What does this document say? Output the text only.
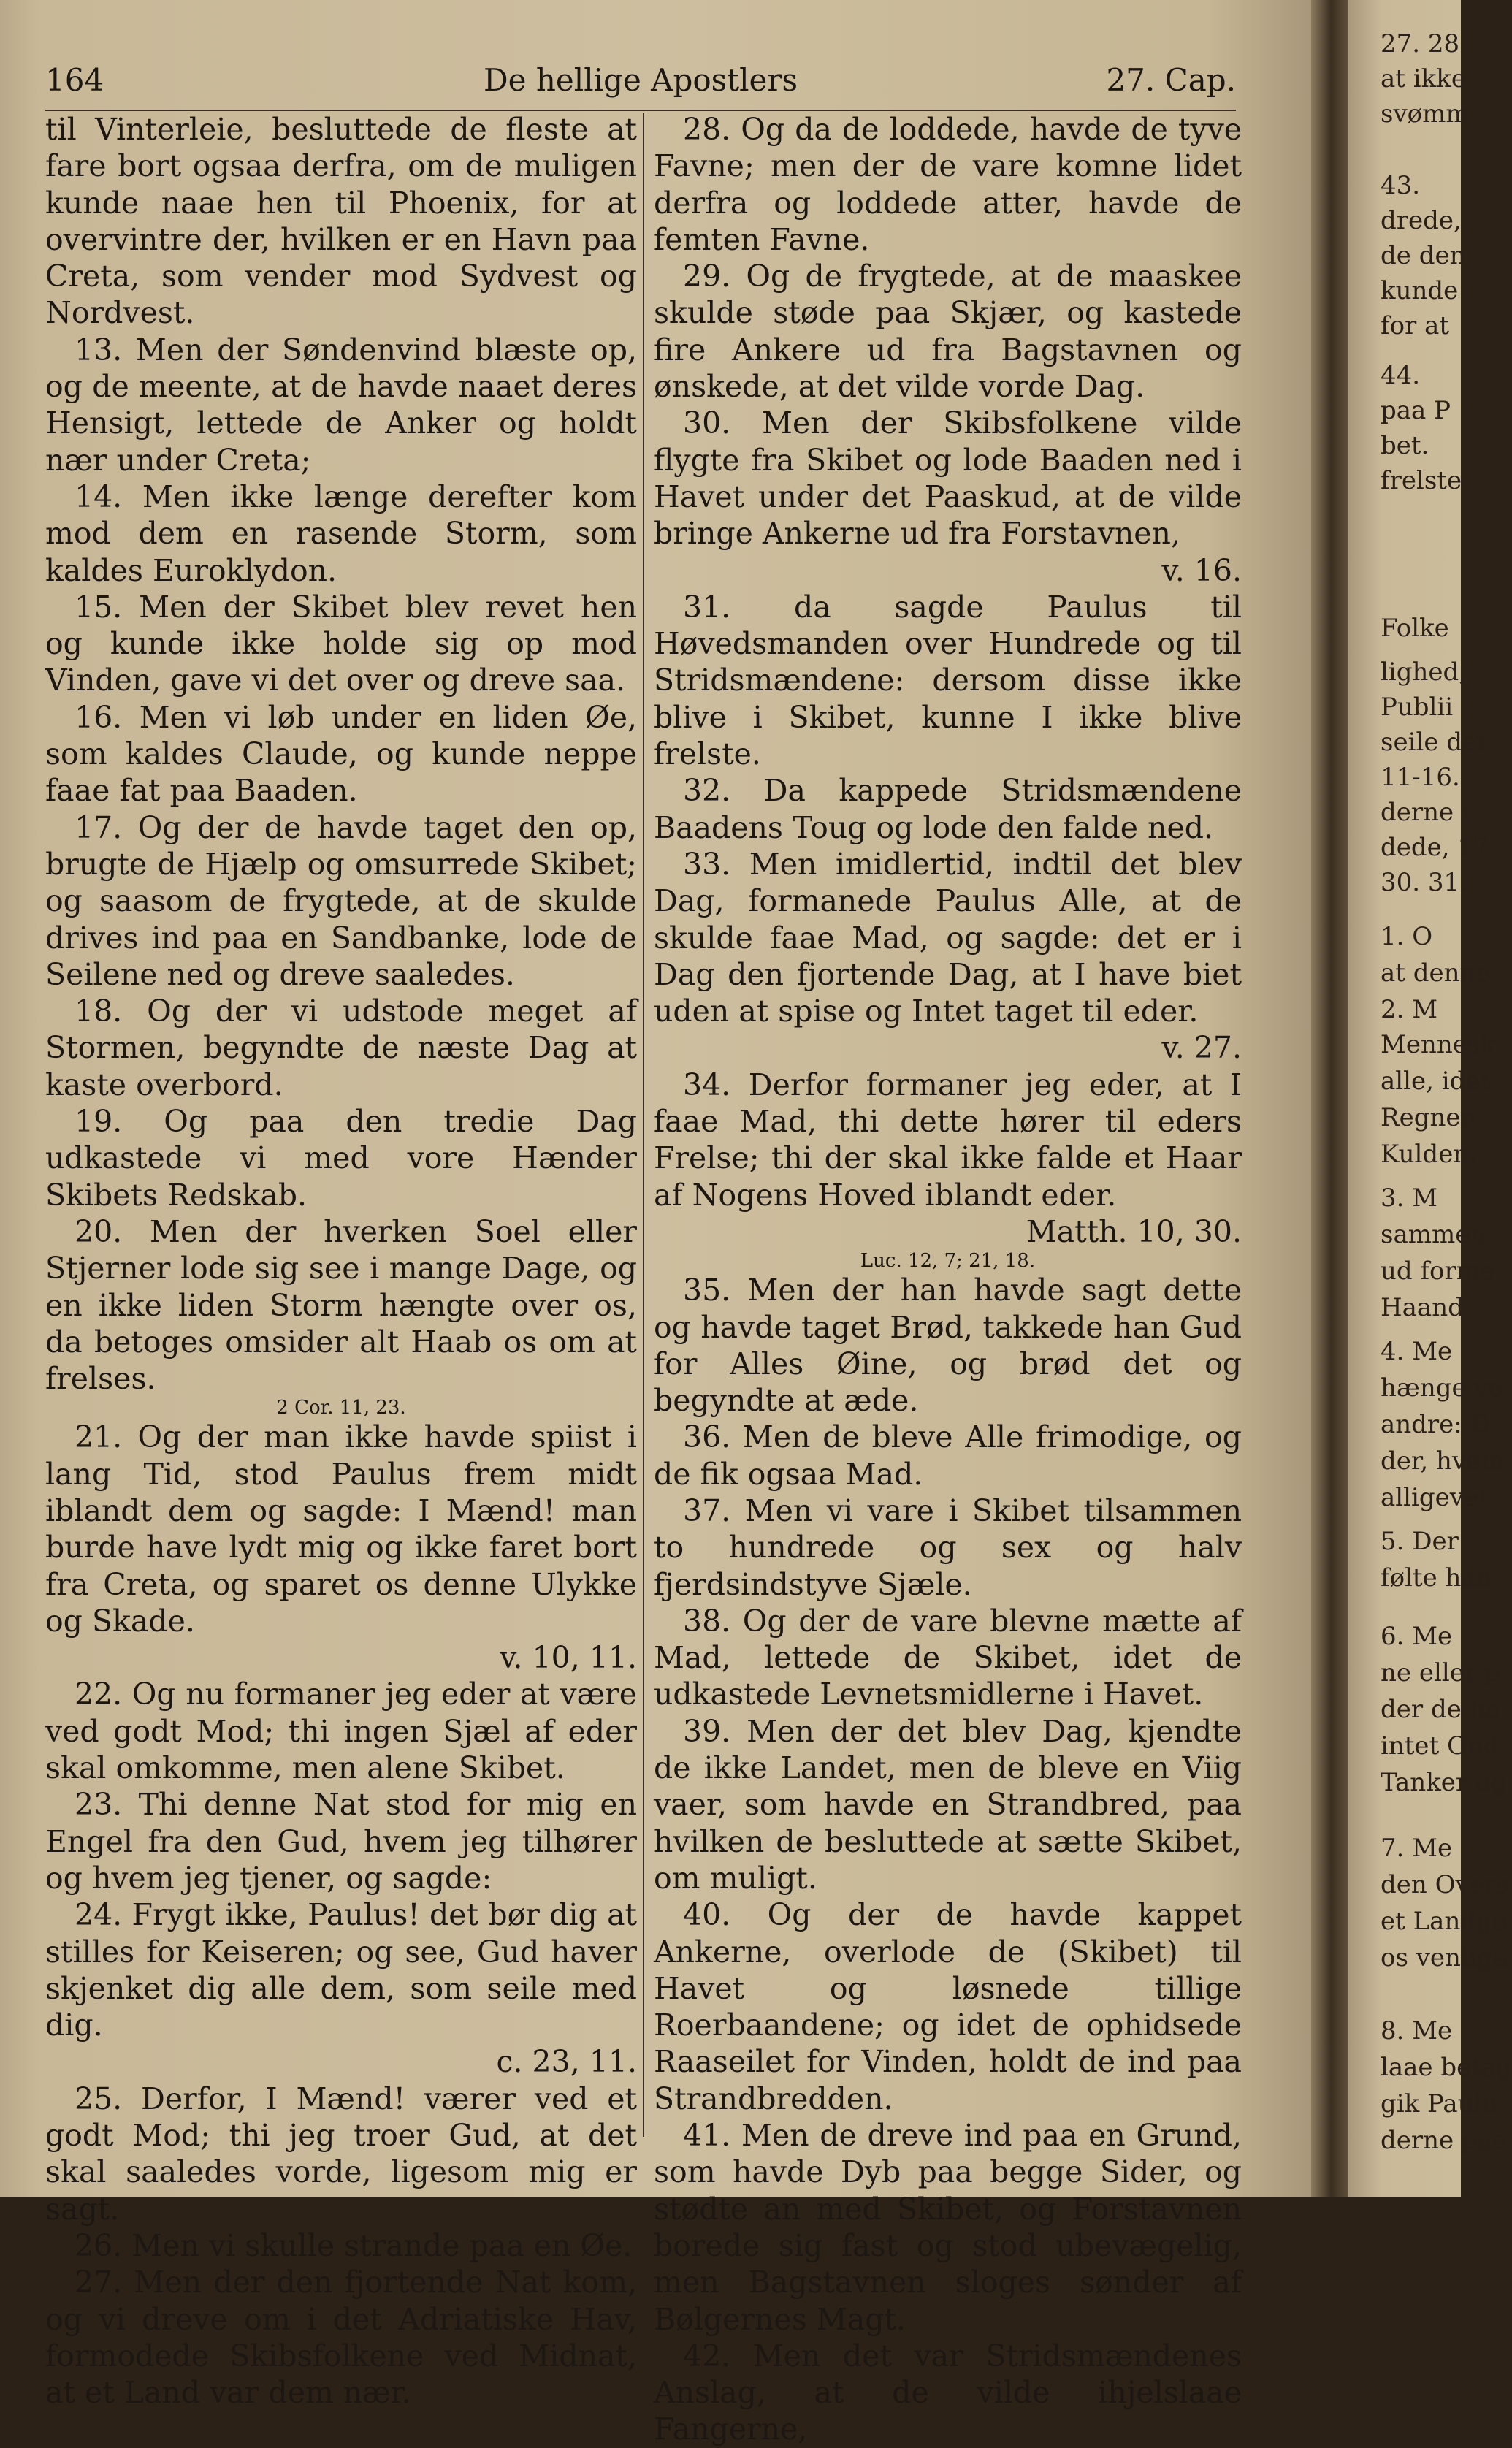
164	De hellige Apostlers	27. Cap.

til Vinterleie, besluttede de fleste at fare bort ogsaa derfra, om de muligen kunde naae hen til Phoenix, for at overvintre der, hvilken er en Havn paa Creta, som vender mod Sydvest og Nordvest.

13. Men der Søndenvind blæste op, og de meente, at de havde naaet deres Hensigt, lettede de Anker og holdt nær under Creta;

14. Men ikke længe derefter kom mod dem en rasende Storm, som kaldes Euroklydon.

15. Men der Skibet blev revet hen og kunde ikke holde sig op mod Vinden, gave vi det over og dreve saa.

16. Men vi løb under en liden Øe, som kaldes Claude, og kunde neppe faae fat paa Baaden.

17. Og der de havde taget den op, brugte de Hjælp og omsurrede Skibet; og saasom de frygtede, at de skulde drives ind paa en Sandbanke, lode de Seilene ned og dreve saaledes.

18. Og der vi udstode meget af Stormen, begyndte de næste Dag at kaste overbord.

19. Og paa den tredie Dag udkastede vi med vore Hænder Skibets Redskab.

20. Men der hverken Soel eller Stjerner lode sig see i mange Dage, og en ikke liden Storm hængte over os, da betoges omsider alt Haab os om at frelses.

2 Cor. 11, 23.

21. Og der man ikke havde spiist i lang Tid, stod Paulus frem midt iblandt dem og sagde: I Mænd! man burde have lydt mig og ikke faret bort fra Creta, og sparet os denne Ulykke og Skade.
v. 10, 11.

22. Og nu formaner jeg eder at være ved godt Mod; thi ingen Sjæl af eder skal omkomme, men alene Skibet.

23. Thi denne Nat stod for mig en Engel fra den Gud, hvem jeg tilhører og hvem jeg tjener, og sagde:

24. Frygt ikke, Paulus! det bør dig at stilles for Keiseren; og see, Gud haver skjenket dig alle dem, som seile med dig.
c. 23, 11.

25. Derfor, I Mænd! værer ved et godt Mod; thi jeg troer Gud, at det skal saaledes vorde, ligesom mig er sagt.

26. Men vi skulle strande paa en Øe.

27. Men der den fjortende Nat kom, og vi dreve om i det Adriatiske Hav, formodede Skibsfolkene ved Midnat, at et Land var dem nær.

28. Og da de loddede, havde de tyve Favne; men der de vare komne lidet derfra og loddede atter, havde de femten Favne.

29. Og de frygtede, at de maaskee skulde støde paa Skjær, og kastede fire Ankere ud fra Bagstavnen og ønskede, at det vilde vorde Dag.

30. Men der Skibsfolkene vilde flygte fra Skibet og lode Baaden ned i Havet under det Paaskud, at de vilde bringe Ankerne ud fra Forstavnen,
v. 16.

31. da sagde Paulus til Høvedsmanden over Hundrede og til Stridsmændene: dersom disse ikke blive i Skibet, kunne I ikke blive frelste.

32. Da kappede Stridsmændene Baadens Toug og lode den falde ned.

33. Men imidlertid, indtil det blev Dag, formanede Paulus Alle, at de skulde faae Mad, og sagde: det er i Dag den fjortende Dag, at I have biet uden at spise og Intet taget til eder.
v. 27.

34. Derfor formaner jeg eder, at I faae Mad, thi dette hører til eders Frelse; thi der skal ikke falde et Haar af Nogens Hoved iblandt eder.
Matth. 10, 30.

Luc. 12, 7; 21, 18.

35. Men der han havde sagt dette og havde taget Brød, takkede han Gud for Alles Øine, og brød det og begyndte at æde.

36. Men de bleve Alle frimodige, og de fik ogsaa Mad.

37. Men vi vare i Skibet tilsammen to hundrede og sex og halv fjerdsindstyve Sjæle.

38. Og der de vare blevne mætte af Mad, lettede de Skibet, idet de udkastede Levnetsmidlerne i Havet.

39. Men der det blev Dag, kjendte de ikke Landet, men de bleve en Viig vaer, som havde en Strandbred, paa hvilken de besluttede at sætte Skibet, om muligt.

40. Og der de havde kappet Ankerne, overlode de (Skibet) til Havet og løsnede tillige Roerbaandene; og idet de ophidsede Raaseilet for Vinden, holdt de ind paa Strandbredden.

41. Men de dreve ind paa en Grund, som havde Dyb paa begge Sider, og stødte an med Skibet, og Forstavnen borede sig fast og stod ubevægelig, men Bagstavnen sloges sønder af Bølgernes Magt.

42. Men det var Stridsmændenes Anslag, at de vilde ihjelslaae Fangerne,

27. 28
at ikke
svømm
43.
drede,
de den
kunde
for at
44.
paa P
bet.
frelste
Folke
lighed,
Publii
seile der
11-16.
derne i
dede, 17
30. 31.
1. O
at denne
2. M
Mennesk
alle, idet
Regnen,
Kulden.
3. M
sammen
ud forme
Haand.
4. Me
hænge ve
andre: D
der, hvem
alligevel
5. Der
følte han
6. Me
ne eller p
der de ha
intet Ond
Tanker og
7. Me
den Overs
et Landgo
os venlige
8. Me
laae betag
gik Paulu
derne paa
